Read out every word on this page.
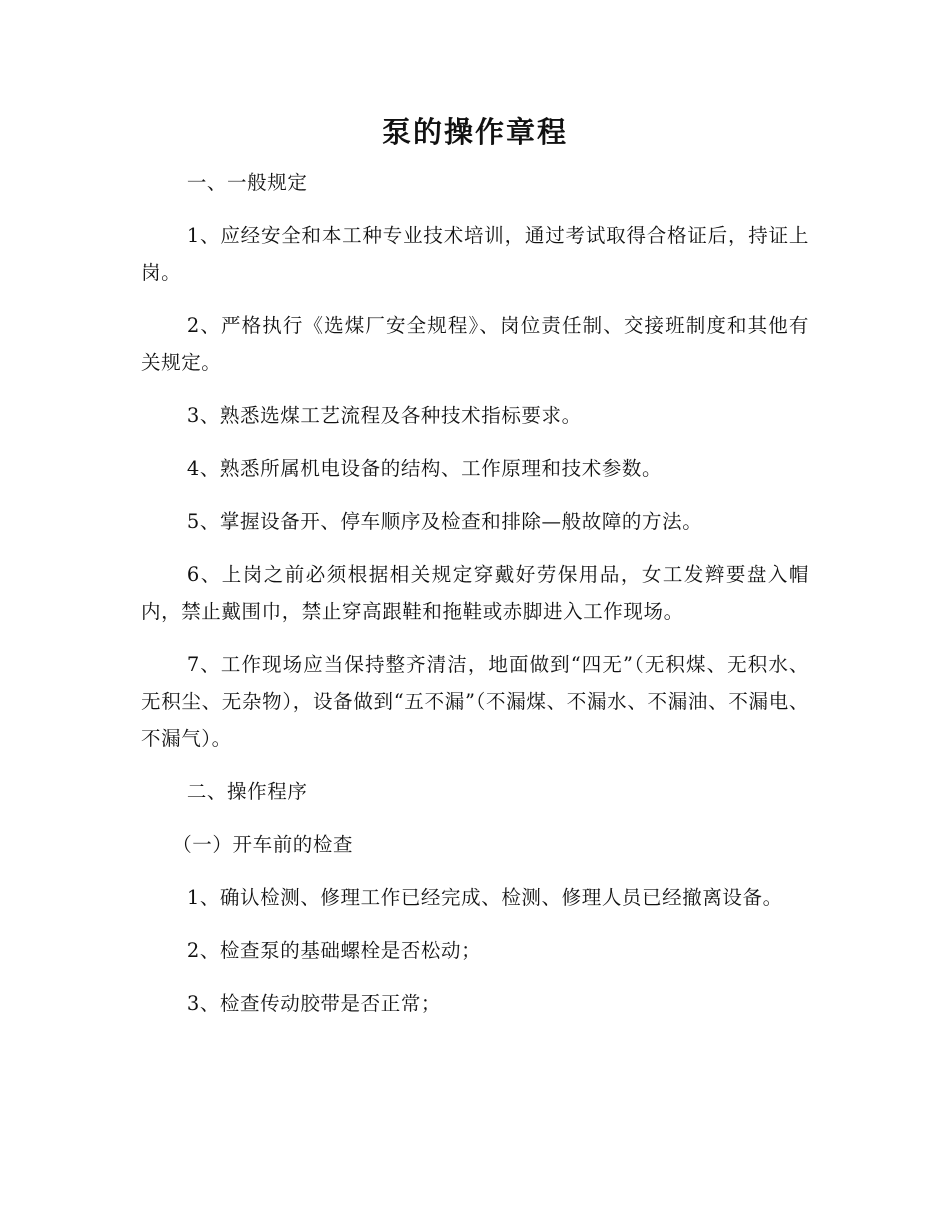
泵的操作章程

一、一般规定

1、应经安全和本工种专业技术培训，通过考试取得合格证后，持证上岗。

2、严格执行《选煤厂安全规程》、岗位责任制、交接班制度和其他有关规定。

3、熟悉选煤工艺流程及各种技术指标要求。

4、熟悉所属机电设备的结构、工作原理和技术参数。

5、掌握设备开、停车顺序及检查和排除—般故障的方法。

6、上岗之前必须根据相关规定穿戴好劳保用品，女工发辫要盘入帽内，禁止戴围巾，禁止穿高跟鞋和拖鞋或赤脚进入工作现场。

7、工作现场应当保持整齐清洁，地面做到“四无”（无积煤、无积水、无积尘、无杂物），设备做到“五不漏”（不漏煤、不漏水、不漏油、不漏电、不漏气）。

二、操作程序

（一）开车前的检查

1、确认检测、修理工作已经完成、检测、修理人员已经撤离设备。

2、检查泵的基础螺栓是否松动；

3、检查传动胶带是否正常；
